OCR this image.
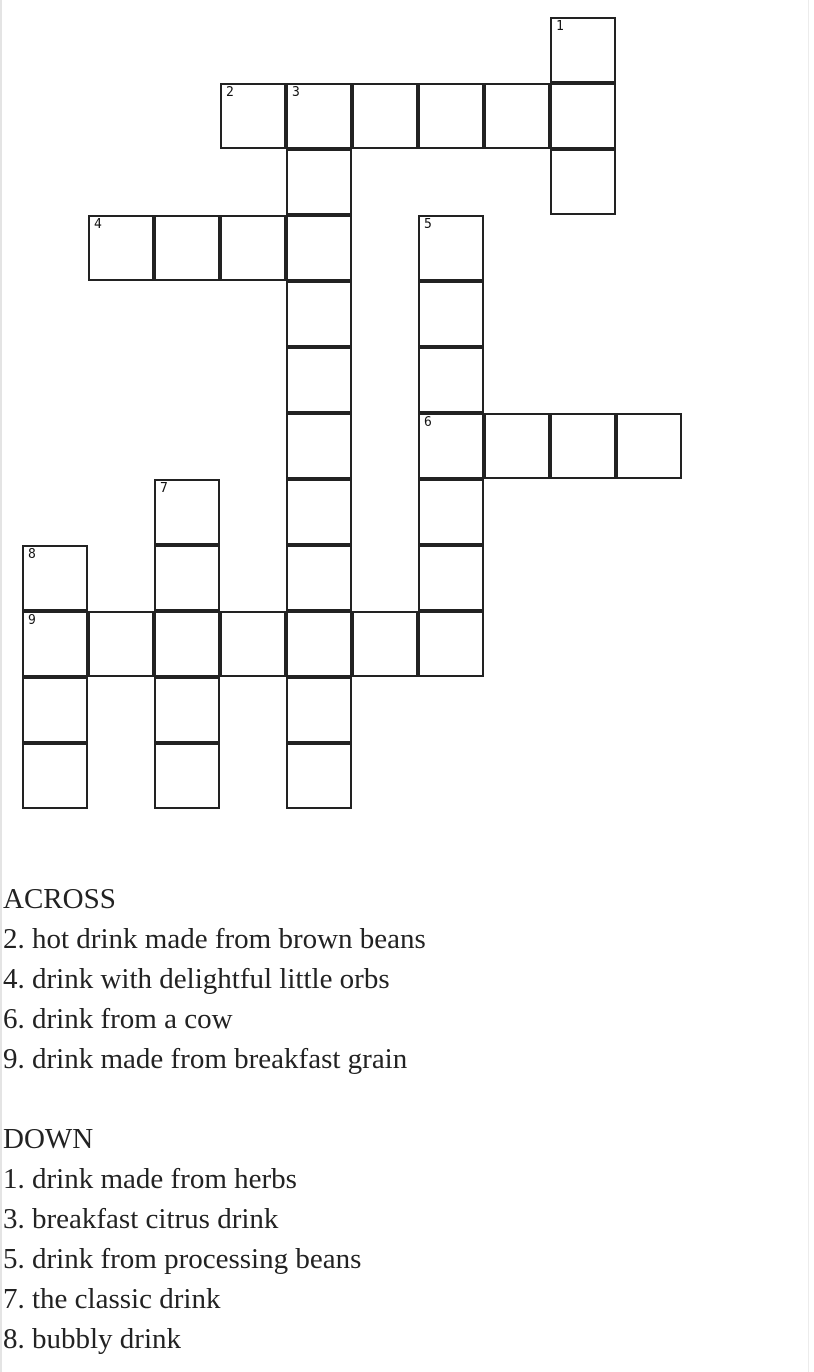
1
2	3
4	5
6
7
8
9
ACROSS
2. hot drink made from brown beans
4. drink with delightful little orbs
6. drink from a cow
9. drink made from breakfast grain
DOWN
1. drink made from herbs
3. breakfast citrus drink
5. drink from processing beans
7. the classic drink
8. bubbly drink
